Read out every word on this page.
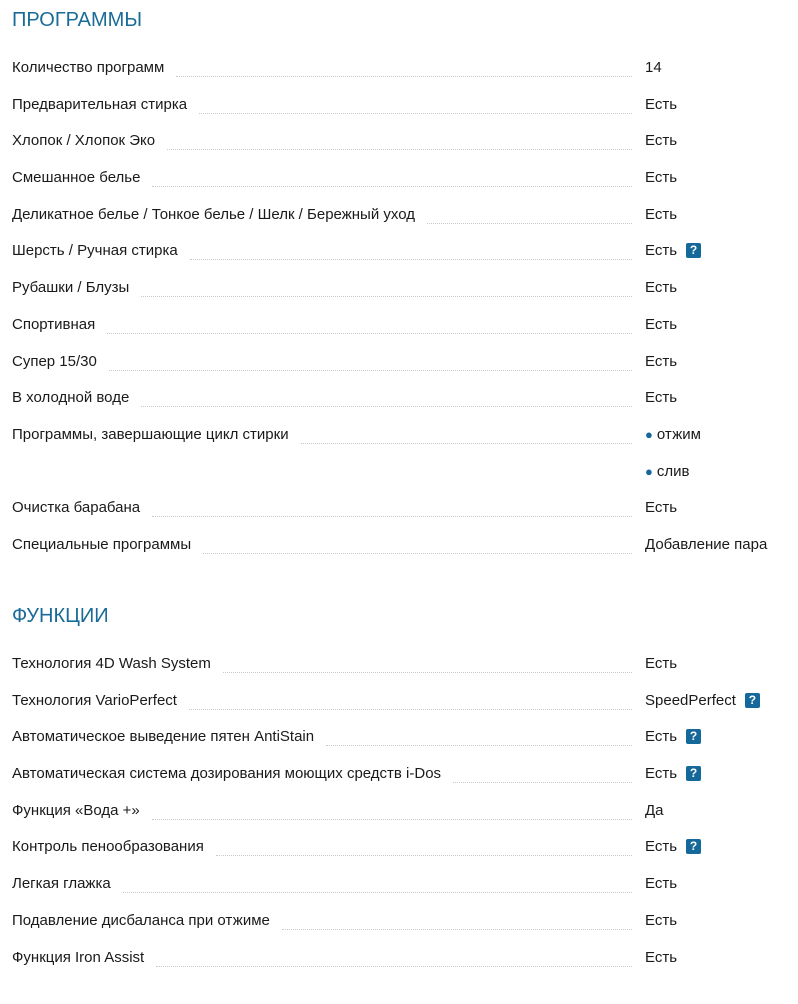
ПРОГРАММЫ
Количество программ	14
Предварительная стирка	Есть
Хлопок / Хлопок Эко	Есть
Смешанное белье	Есть
Деликатное белье / Тонкое белье / Шелк / Бережный уход	Есть
Шерсть / Ручная стирка	Есть	?
Рубашки / Блузы	Есть
Спортивная	Есть
Супер 15/30	Есть
В холодной воде	Есть
Программы, завершающие цикл стирки	● отжим
● слив
Очистка барабана	Есть
Специальные программы	Добавление пара
ФУНКЦИИ
Технология 4D Wash System	Есть
Технология VarioPerfect	SpeedPerfect	?
Автоматическое выведение пятен AntiStain	Есть	?
Автоматическая система дозирования моющих средств i-Dos	Есть	?
Функция «Вода +»	Да
Контроль пенообразования	Есть	?
Легкая глажка	Есть
Подавление дисбаланса при отжиме	Есть
Функция Iron Assist	Есть
